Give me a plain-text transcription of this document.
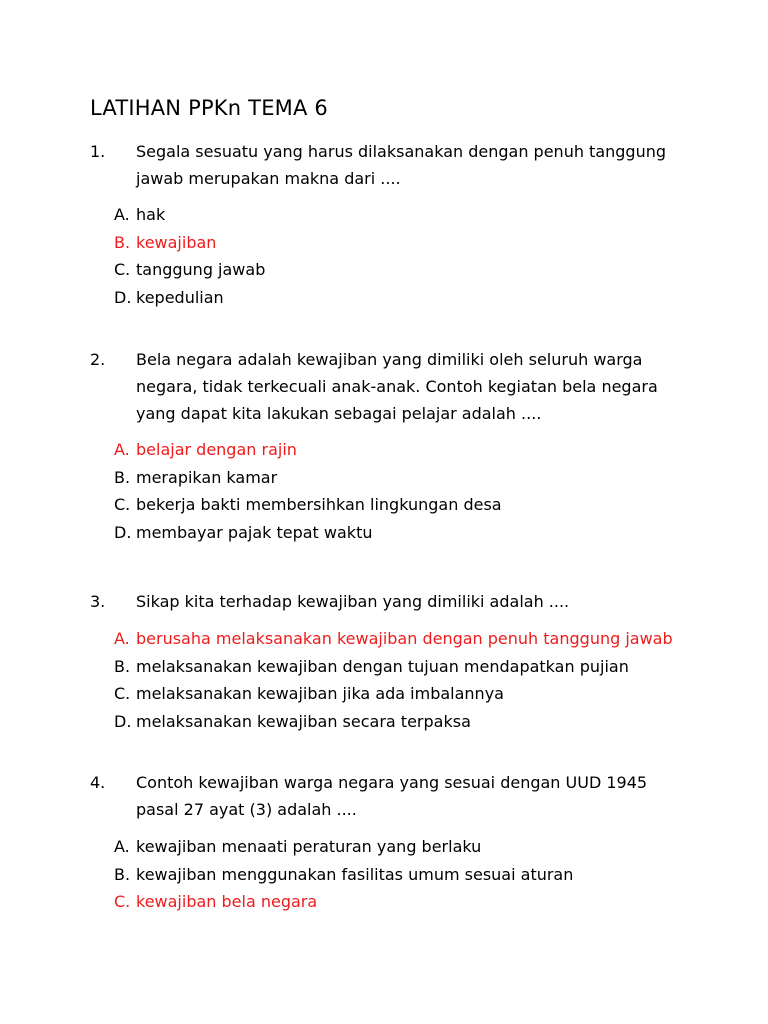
LATIHAN PPKn TEMA 6
1. Segala sesuatu yang harus dilaksanakan dengan penuh tanggung jawab merupakan makna dari ....
A. hak
B. kewajiban
C. tanggung jawab
D. kepedulian
2. Bela negara adalah kewajiban yang dimiliki oleh seluruh warga negara, tidak terkecuali anak-anak. Contoh kegiatan bela negara yang dapat kita lakukan sebagai pelajar adalah ....
A. belajar dengan rajin
B. merapikan kamar
C. bekerja bakti membersihkan lingkungan desa
D. membayar pajak tepat waktu
3. Sikap kita terhadap kewajiban yang dimiliki adalah ....
A. berusaha melaksanakan kewajiban dengan penuh tanggung jawab
B. melaksanakan kewajiban dengan tujuan mendapatkan pujian
C. melaksanakan kewajiban jika ada imbalannya
D. melaksanakan kewajiban secara terpaksa
4. Contoh kewajiban warga negara yang sesuai dengan UUD 1945 pasal 27 ayat (3) adalah ....
A. kewajiban menaati peraturan yang berlaku
B. kewajiban menggunakan fasilitas umum sesuai aturan
C. kewajiban bela negara
